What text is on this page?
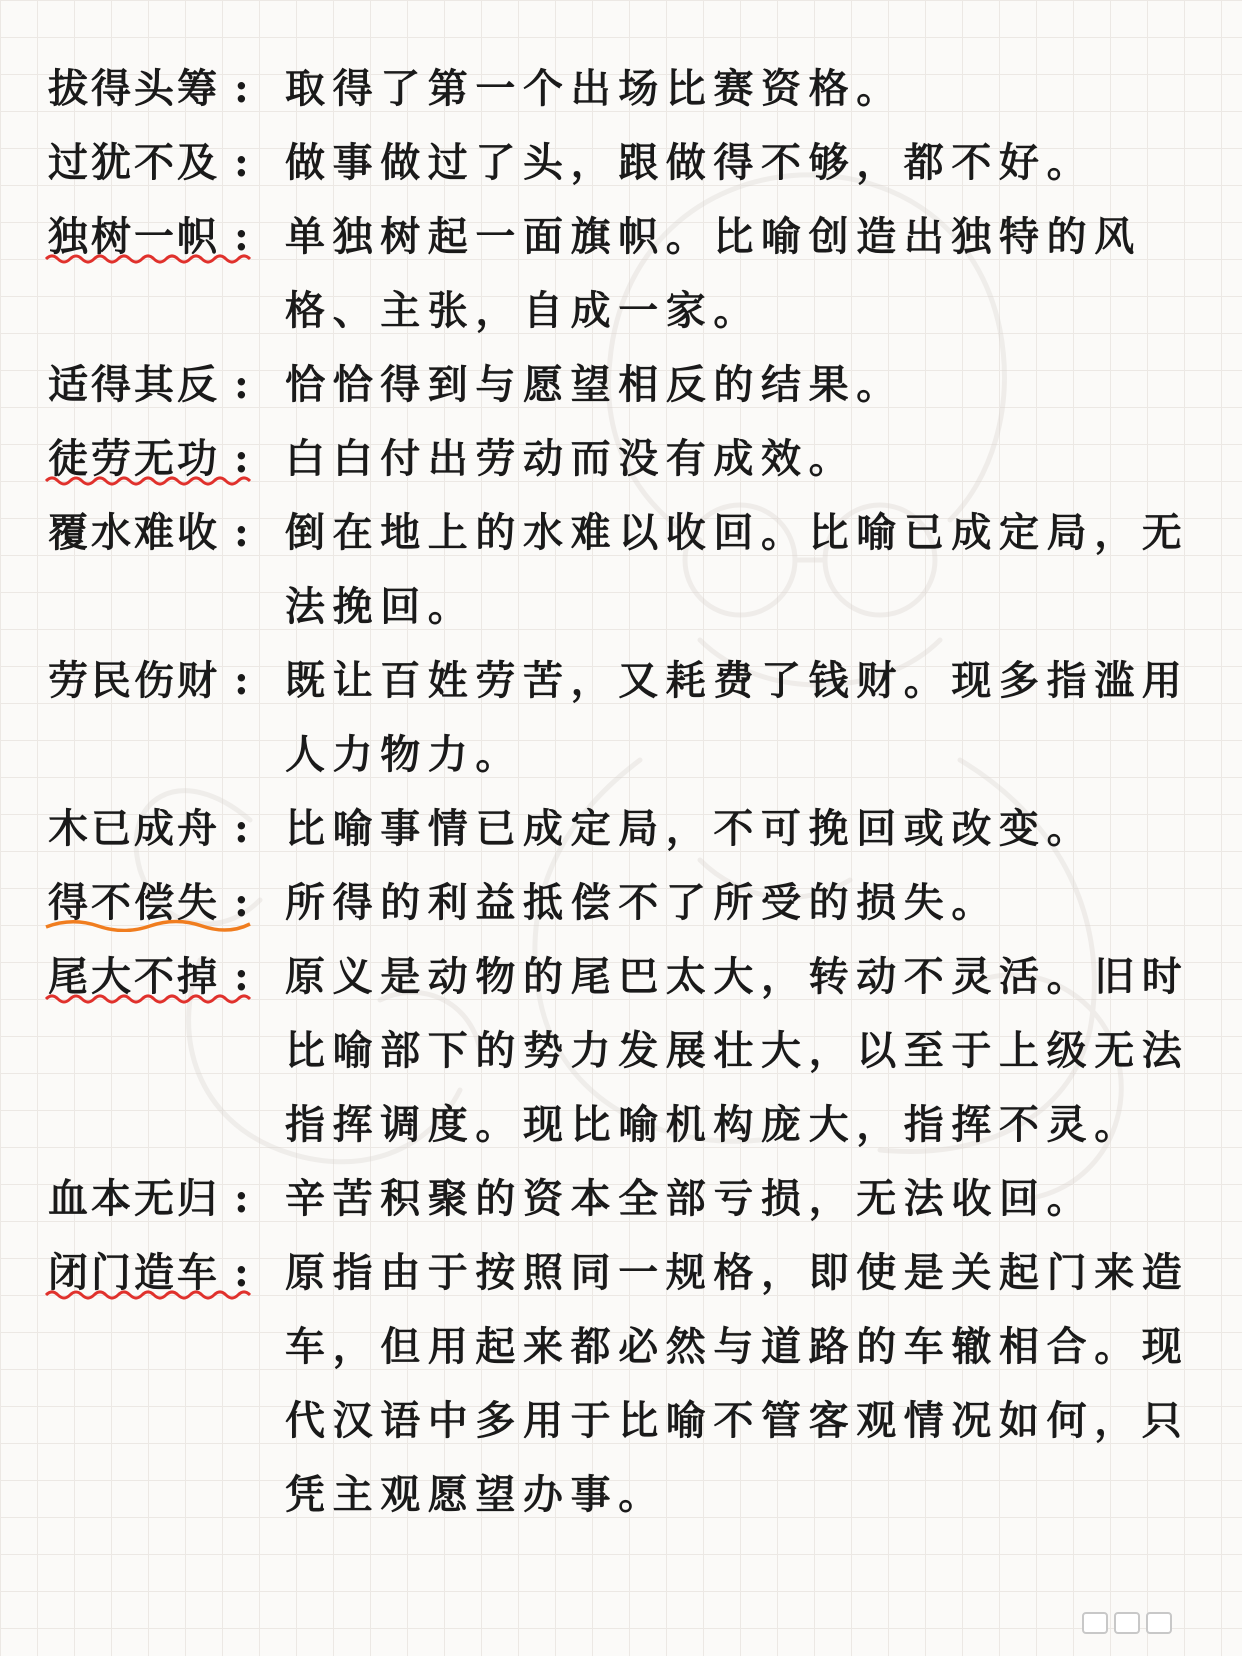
拔得头筹 : 取得了第一个出场比赛资格。
过犹不及 : 做事做过了头，跟做得不够，都不好。
独树一帜 : 单独树起一面旗帜。比喻创造出独特的风格、主张，自成一家。
适得其反 : 恰恰得到与愿望相反的结果。
徒劳无功 : 白白付出劳动而没有成效。
覆水难收 : 倒在地上的水难以收回。比喻已成定局，无法挽回。
劳民伤财 : 既让百姓劳苦，又耗费了钱财。现多指滥用人力物力。
木已成舟 : 比喻事情已成定局，不可挽回或改变。
得不偿失 : 所得的利益抵偿不了所受的损失。
尾大不掉 : 原义是动物的尾巴太大，转动不灵活。旧时比喻部下的势力发展壮大，以至于上级无法指挥调度。现比喻机构庞大，指挥不灵。
血本无归 : 辛苦积聚的资本全部亏损，无法收回。
闭门造车 : 原指由于按照同一规格，即使是关起门来造车，但用起来都必然与道路的车辙相合。现代汉语中多用于比喻不管客观情况如何，只凭主观愿望办事。
